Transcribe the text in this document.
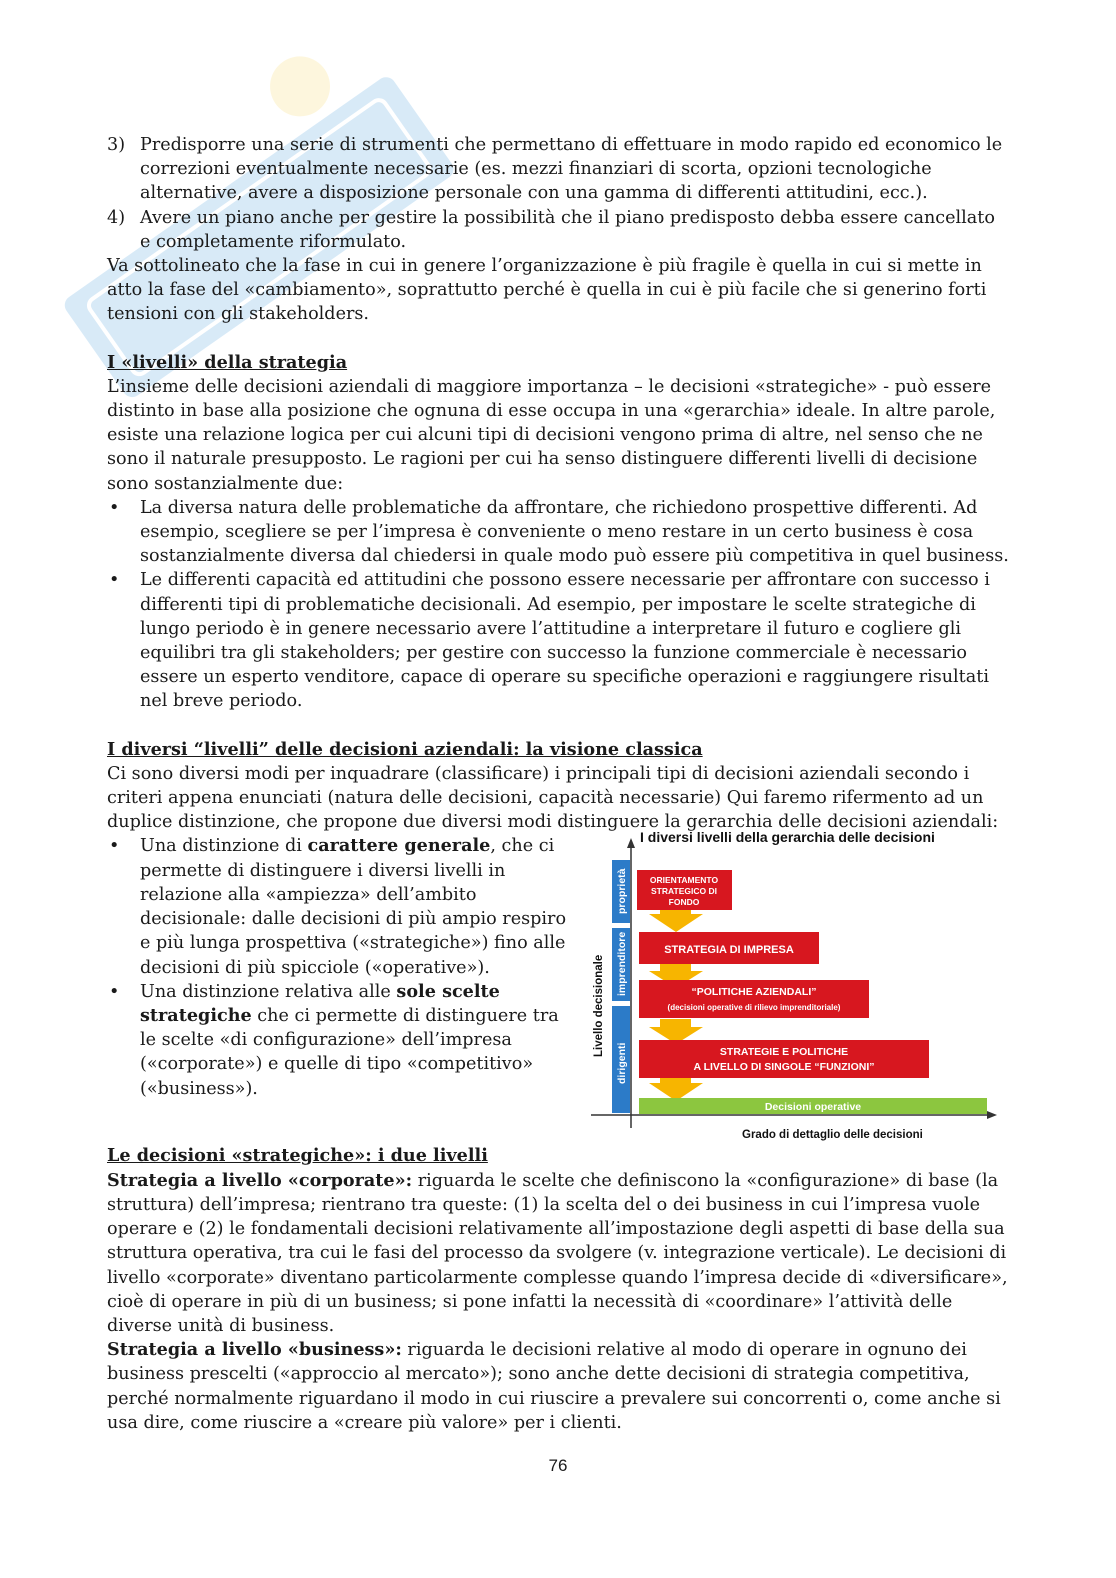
3) Predisporre una serie di strumenti che permettano di effettuare in modo rapido ed economico le correzioni eventualmente necessarie (es. mezzi finanziari di scorta, opzioni tecnologiche alternative, avere a disposizione personale con una gamma di differenti attitudini, ecc.).
4) Avere un piano anche per gestire la possibilità che il piano predisposto debba essere cancellato e completamente riformulato.

Va sottolineato che la fase in cui in genere l’organizzazione è più fragile è quella in cui si mette in atto la fase del «cambiamento», soprattutto perché è quella in cui è più facile che si generino forti tensioni con gli stakeholders.

I «livelli» della strategia

L’insieme delle decisioni aziendali di maggiore importanza – le decisioni «strategiche» - può essere distinto in base alla posizione che ognuna di esse occupa in una «gerarchia» ideale. In altre parole, esiste una relazione logica per cui alcuni tipi di decisioni vengono prima di altre, nel senso che ne sono il naturale presupposto. Le ragioni per cui ha senso distinguere differenti livelli di decisione sono sostanzialmente due:

•	La diversa natura delle problematiche da affrontare, che richiedono prospettive differenti. Ad esempio, scegliere se per l’impresa è conveniente o meno restare in un certo business è cosa sostanzialmente diversa dal chiedersi in quale modo può essere più competitiva in quel business.
•	Le differenti capacità ed attitudini che possono essere necessarie per affrontare con successo i differenti tipi di problematiche decisionali. Ad esempio, per impostare le scelte strategiche di lungo periodo è in genere necessario avere l’attitudine a interpretare il futuro e cogliere gli equilibri tra gli stakeholders; per gestire con successo la funzione commerciale è necessario essere un esperto venditore, capace di operare su specifiche operazioni e raggiungere risultati nel breve periodo.
I diversi “livelli” delle decisioni aziendali: la visione classica

Ci sono diversi modi per inquadrare (classificare) i principali tipi di decisioni aziendali secondo i criteri appena enunciati (natura delle decisioni, capacità necessarie) Qui faremo rifermento ad un duplice distinzione, che propone due diversi modi distinguere la gerarchia delle decisioni aziendali:

•	Una distinzione di carattere generale, che ci permette di distinguere i diversi livelli in relazione alla «ampiezza» dell’ambito decisionale: dalle decisioni di più ampio respiro e più lunga prospettiva («strategiche») fino alle decisioni di più spicciole («operative»).
•	Una distinzione relativa alle sole scelte strategiche che ci permette di distinguere tra le scelte «di configurazione» dell’impresa («corporate») e quelle di tipo «competitivo» («business»).
I diversi livelli della gerarchia delle decisioni
Livello decisionale
Grado di dettaglio delle decisioni
proprietà
imprenditore
dirigenti
ORIENTAMENTO
STRATEGICO DI
FONDO
STRATEGIA DI IMPRESA
“POLITICHE AZIENDALI”
(decisioni operative di rilievo imprenditoriale)
STRATEGIE E POLITICHE
A LIVELLO DI SINGOLE “FUNZIONI”
Decisioni operative
Le decisioni «strategiche»: i due livelli

Strategia a livello «corporate»: riguarda le scelte che definiscono la «configurazione» di base (la struttura) dell’impresa; rientrano tra queste: (1) la scelta del o dei business in cui l’impresa vuole operare e (2) le fondamentali decisioni relativamente all’impostazione degli aspetti di base della sua struttura operativa, tra cui le fasi del processo da svolgere (v. integrazione verticale). Le decisioni di livello «corporate» diventano particolarmente complesse quando l’impresa decide di «diversificare», cioè di operare in più di un business; si pone infatti la necessità di «coordinare» l’attività delle diverse unità di business.

Strategia a livello «business»: riguarda le decisioni relative al modo di operare in ognuno dei business prescelti («approccio al mercato»); sono anche dette decisioni di strategia competitiva, perché normalmente riguardano il modo in cui riuscire a prevalere sui concorrenti o, come anche si usa dire, come riuscire a «creare più valore» per i clienti.

76
